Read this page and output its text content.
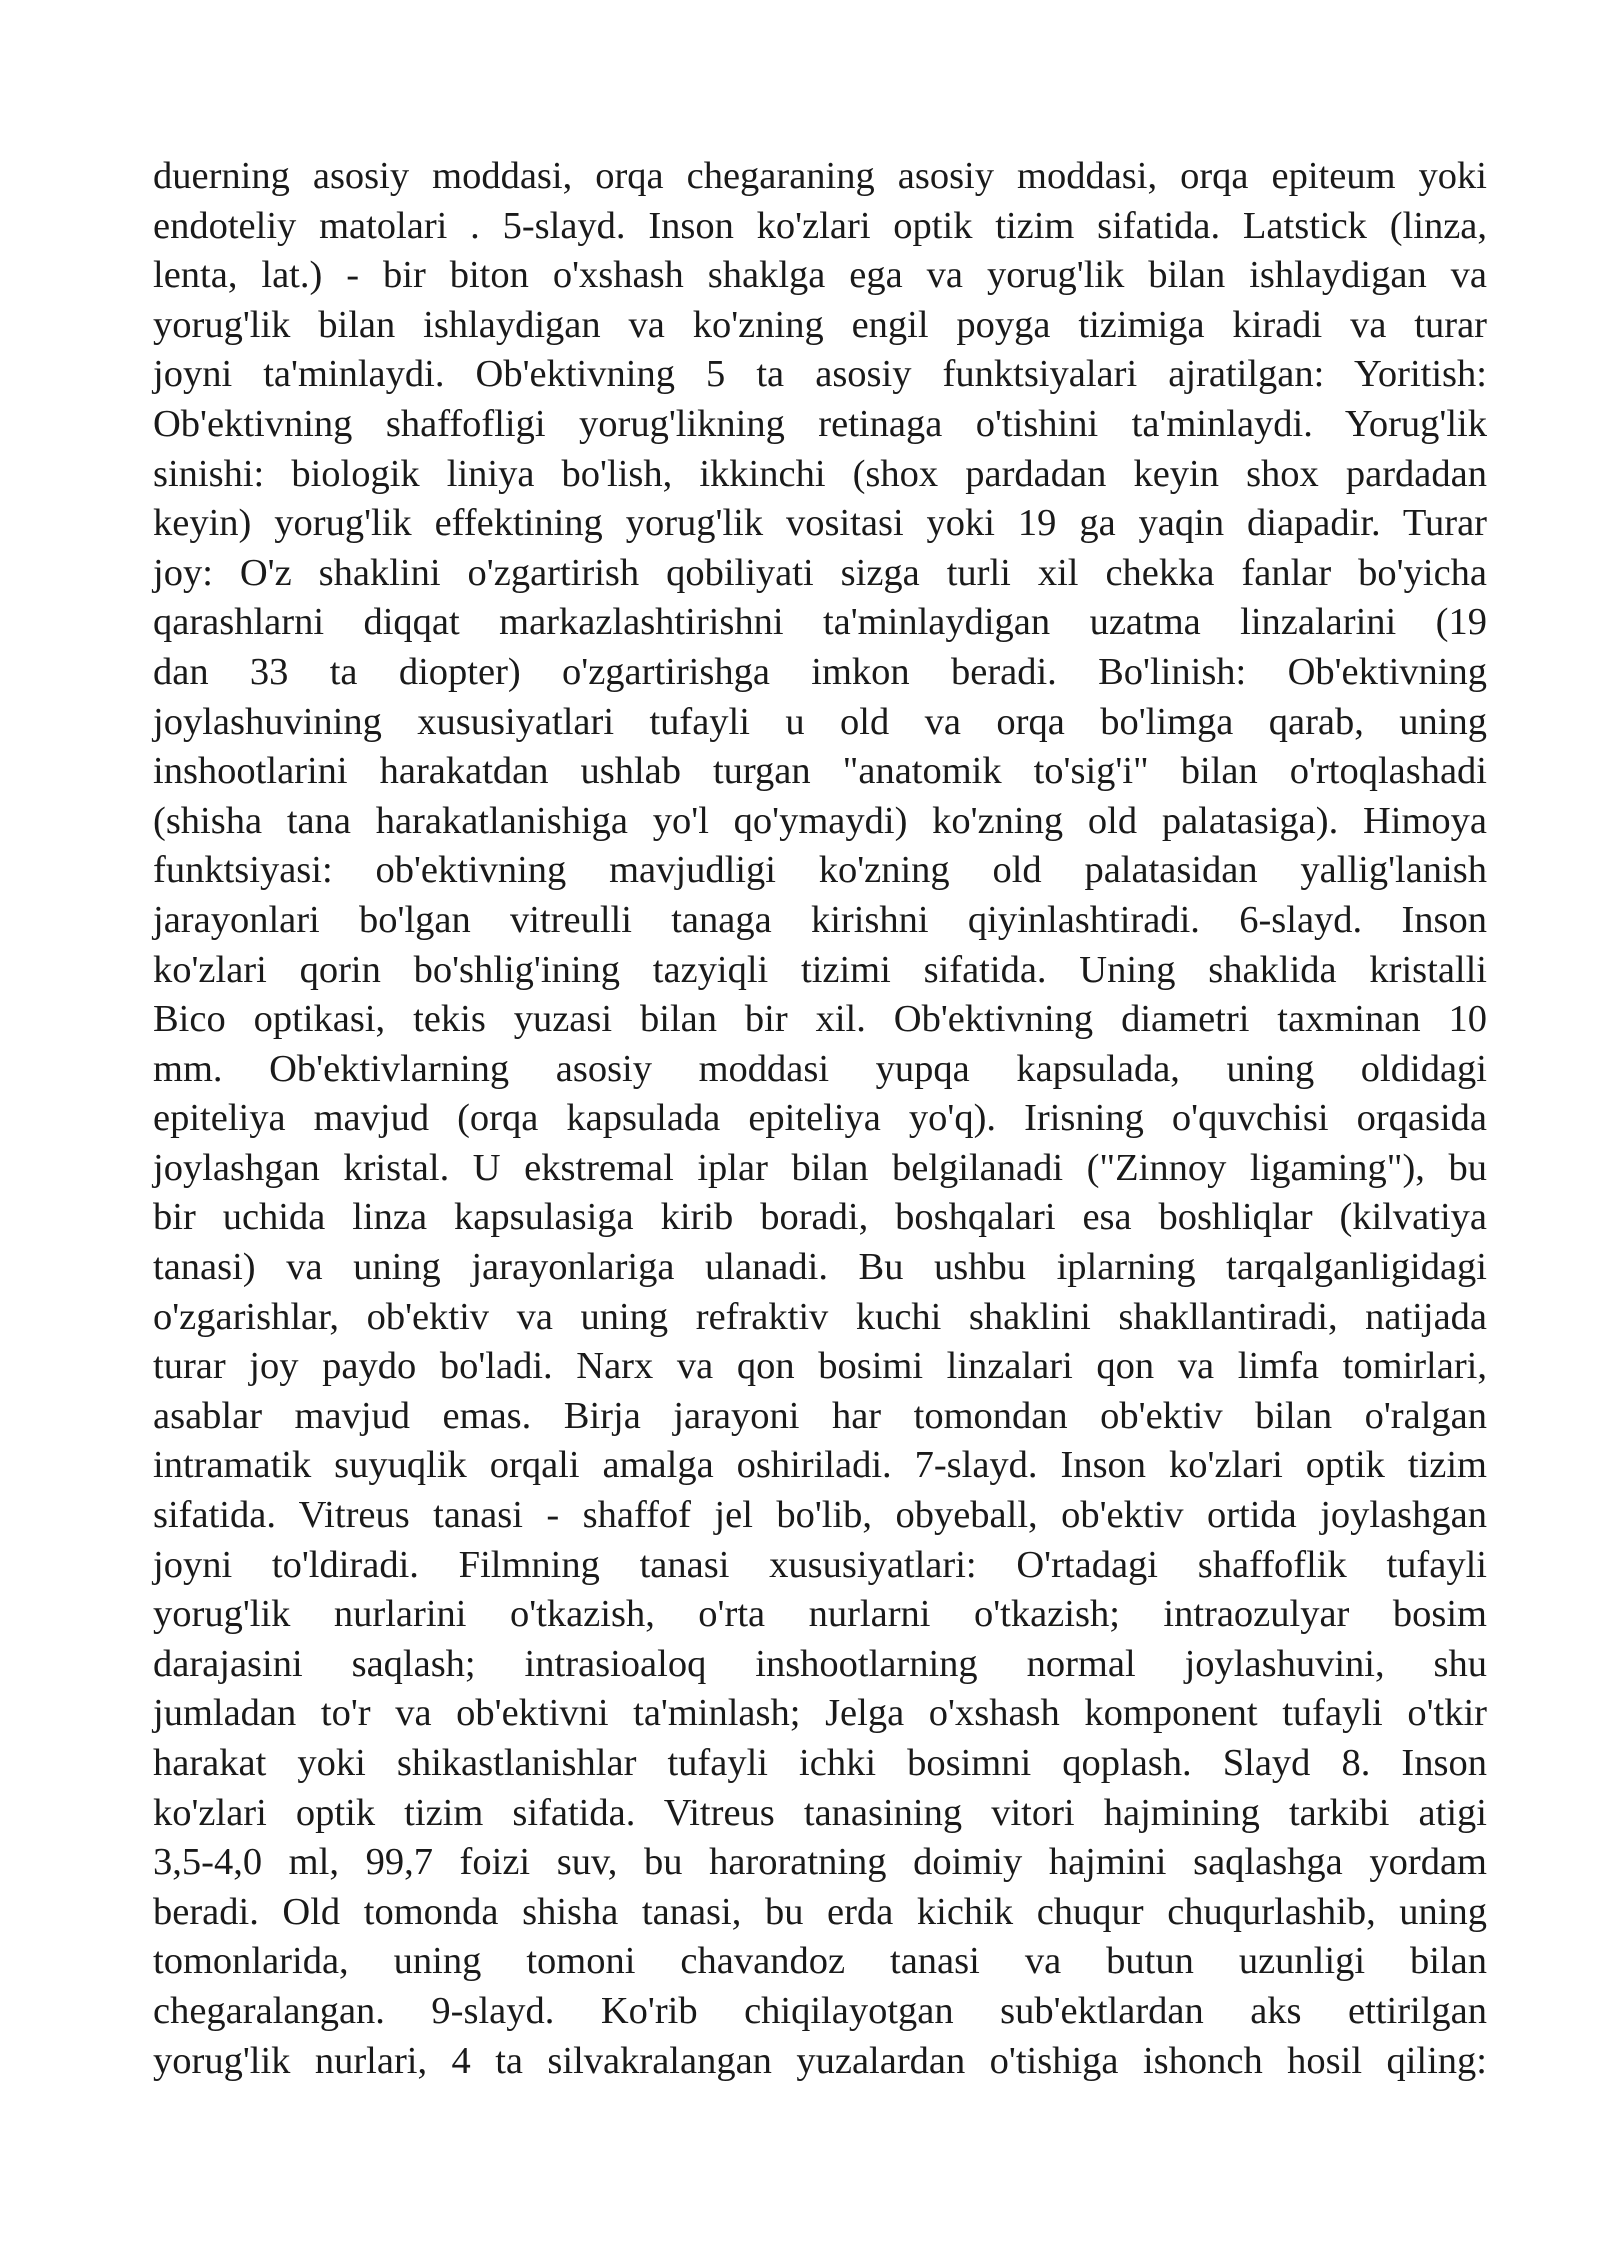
duerning asosiy moddasi, orqa chegaraning asosiy moddasi, orqa epiteum yoki
endoteliy matolari . 5-slayd. Inson ko'zlari optik tizim sifatida. Latstick (linza,
lenta, lat.) - bir biton o'xshash shaklga ega va yorug'lik bilan ishlaydigan va
yorug'lik bilan ishlaydigan va ko'zning engil poyga tizimiga kiradi va turar
joyni ta'minlaydi. Ob'ektivning 5 ta asosiy funktsiyalari ajratilgan: Yoritish:
Ob'ektivning shaffofligi yorug'likning retinaga o'tishini ta'minlaydi. Yorug'lik
sinishi: biologik liniya bo'lish, ikkinchi (shox pardadan keyin shox pardadan
keyin) yorug'lik effektining yorug'lik vositasi yoki 19 ga yaqin diapadir. Turar
joy: O'z shaklini o'zgartirish qobiliyati sizga turli xil chekka fanlar bo'yicha
qarashlarni diqqat markazlashtirishni ta'minlaydigan uzatma linzalarini (19
dan 33 ta diopter) o'zgartirishga imkon beradi. Bo'linish: Ob'ektivning
joylashuvining xususiyatlari tufayli u old va orqa bo'limga qarab, uning
inshootlarini harakatdan ushlab turgan "anatomik to'sig'i" bilan o'rtoqlashadi
(shisha tana harakatlanishiga yo'l qo'ymaydi) ko'zning old palatasiga). Himoya
funktsiyasi: ob'ektivning mavjudligi ko'zning old palatasidan yallig'lanish
jarayonlari bo'lgan vitreulli tanaga kirishni qiyinlashtiradi. 6-slayd. Inson
ko'zlari qorin bo'shlig'ining tazyiqli tizimi sifatida. Uning shaklida kristalli
Bico optikasi, tekis yuzasi bilan bir xil. Ob'ektivning diametri taxminan 10
mm. Ob'ektivlarning asosiy moddasi yupqa kapsulada, uning oldidagi
epiteliya mavjud (orqa kapsulada epiteliya yo'q). Irisning o'quvchisi orqasida
joylashgan kristal. U ekstremal iplar bilan belgilanadi ("Zinnoy ligaming"), bu
bir uchida linza kapsulasiga kirib boradi, boshqalari esa boshliqlar (kilvatiya
tanasi) va uning jarayonlariga ulanadi. Bu ushbu iplarning tarqalganligidagi
o'zgarishlar, ob'ektiv va uning refraktiv kuchi shaklini shakllantiradi, natijada
turar joy paydo bo'ladi. Narx va qon bosimi linzalari qon va limfa tomirlari,
asablar mavjud emas. Birja jarayoni har tomondan ob'ektiv bilan o'ralgan
intramatik suyuqlik orqali amalga oshiriladi. 7-slayd. Inson ko'zlari optik tizim
sifatida. Vitreus tanasi - shaffof jel bo'lib, obyeball, ob'ektiv ortida joylashgan
joyni to'ldiradi. Filmning tanasi xususiyatlari: O'rtadagi shaffoflik tufayli
yorug'lik nurlarini o'tkazish, o'rta nurlarni o'tkazish; intraozulyar bosim
darajasini saqlash; intrasioaloq inshootlarning normal joylashuvini, shu
jumladan to'r va ob'ektivni ta'minlash; Jelga o'xshash komponent tufayli o'tkir
harakat yoki shikastlanishlar tufayli ichki bosimni qoplash. Slayd 8. Inson
ko'zlari optik tizim sifatida. Vitreus tanasining vitori hajmining tarkibi atigi
3,5-4,0 ml, 99,7 foizi suv, bu haroratning doimiy hajmini saqlashga yordam
beradi. Old tomonda shisha tanasi, bu erda kichik chuqur chuqurlashib, uning
tomonlarida, uning tomoni chavandoz tanasi va butun uzunligi bilan
chegaralangan. 9-slayd. Ko'rib chiqilayotgan sub'ektlardan aks ettirilgan
yorug'lik nurlari, 4 ta silvakralangan yuzalardan o'tishiga ishonch hosil qiling:
